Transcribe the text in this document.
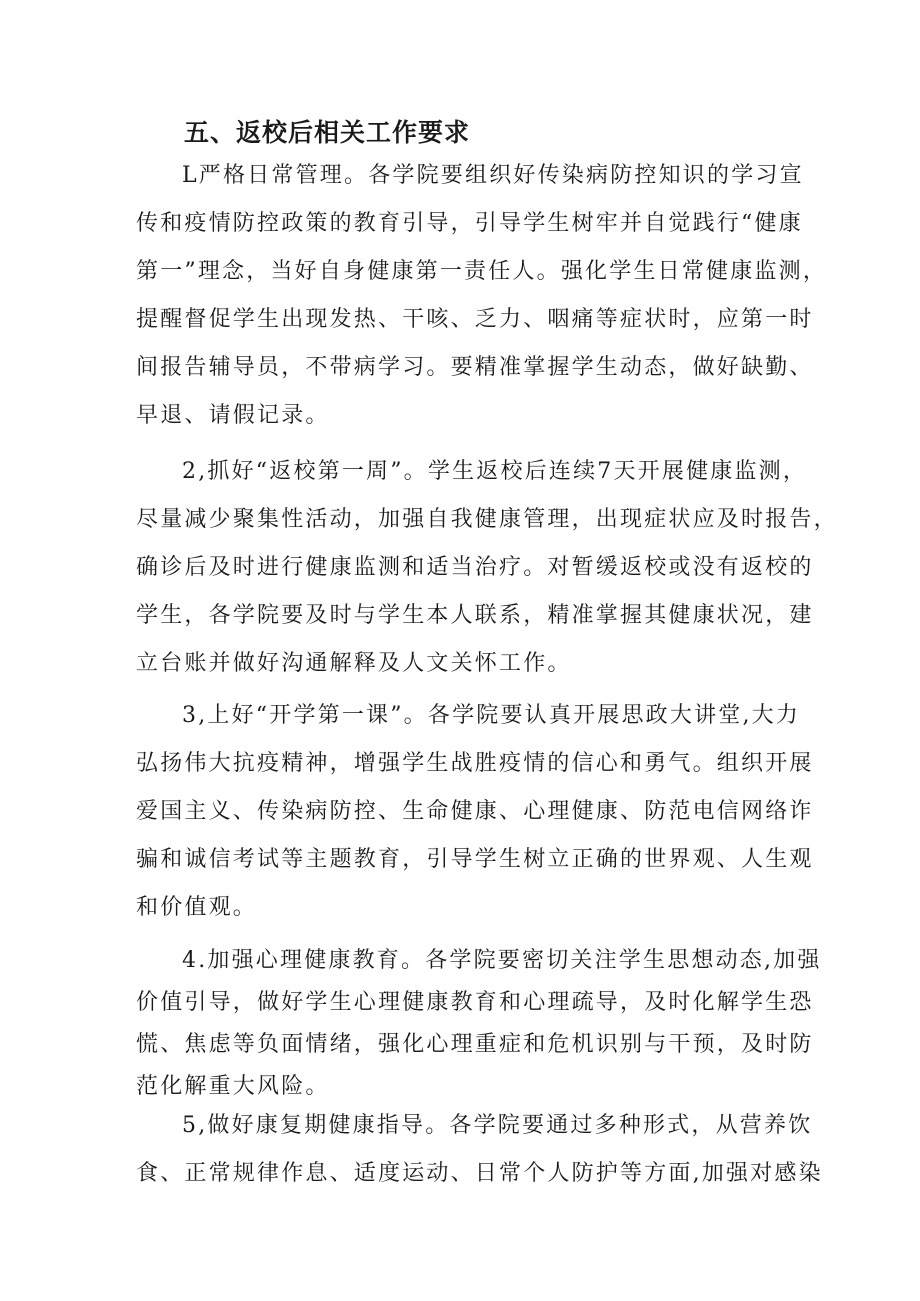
五、返校后相关工作要求
L严格日常管理。各学院要组织好传染病防控知识的学习宣
传和疫情防控政策的教育引导，引导学生树牢并自觉践行“健康
第一”理念，当好自身健康第一责任人。强化学生日常健康监测，
提醒督促学生出现发热、干咳、乏力、咽痛等症状时，应第一时
间报告辅导员，不带病学习。要精准掌握学生动态，做好缺勤、
早退、请假记录。
2,抓好“返校第一周”。学生返校后连续7天开展健康监测，
尽量减少聚集性活动，加强自我健康管理，出现症状应及时报告，
确诊后及时进行健康监测和适当治疗。对暂缓返校或没有返校的
学生，各学院要及时与学生本人联系，精准掌握其健康状况，建
立台账并做好沟通解释及人文关怀工作。
3,上好“开学第一课”。各学院要认真开展思政大讲堂,大力
弘扬伟大抗疫精神，增强学生战胜疫情的信心和勇气。组织开展
爱国主义、传染病防控、生命健康、心理健康、防范电信网络诈
骗和诚信考试等主题教育，引导学生树立正确的世界观、人生观
和价值观。
4.加强心理健康教育。各学院要密切关注学生思想动态,加强
价值引导，做好学生心理健康教育和心理疏导，及时化解学生恐
慌、焦虑等负面情绪，强化心理重症和危机识别与干预，及时防
范化解重大风险。
5,做好康复期健康指导。各学院要通过多种形式，从营养饮
食、正常规律作息、适度运动、日常个人防护等方面,加强对感染
